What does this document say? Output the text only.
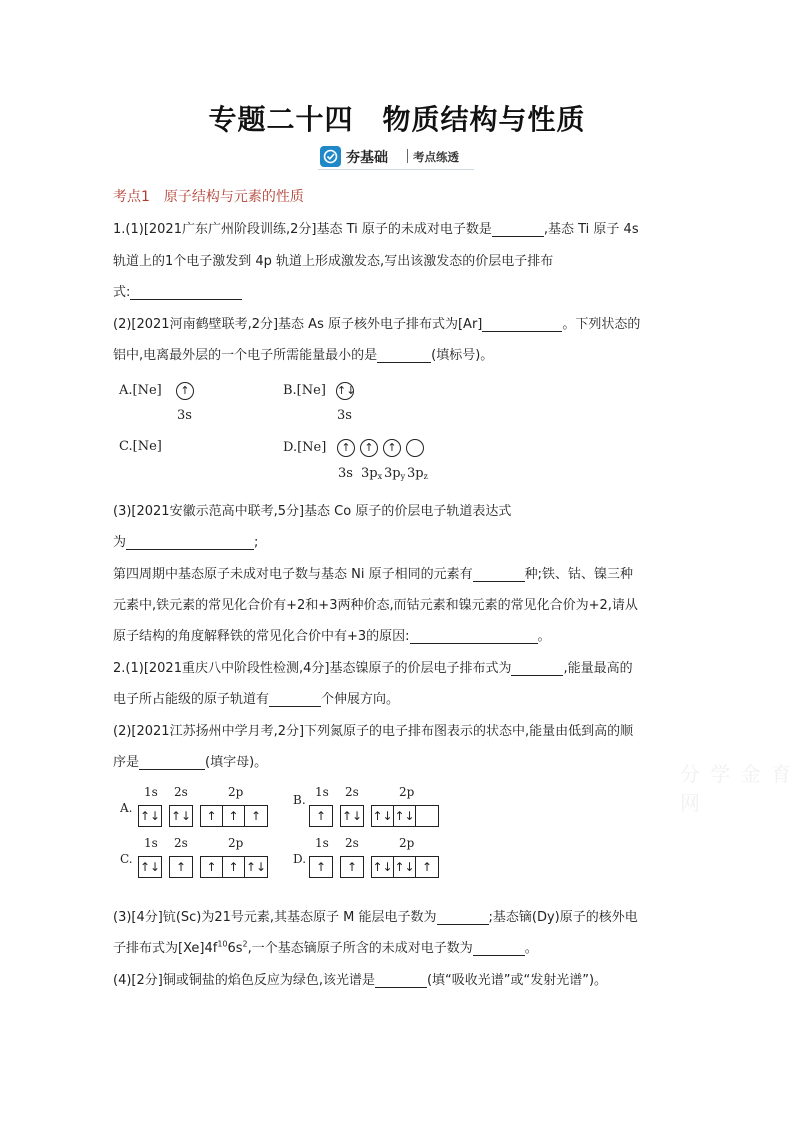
专题二十四　物质结构与性质
夯基础 考点练透
考点1　原子结构与元素的性质
1.(1)[2021广东广州阶段训练,2分]基态 Ti 原子的未成对电子数是	,基态 Ti 原子 4s
轨道上的1个电子激发到 4p 轨道上形成激发态,写出该激发态的价层电子排布
式:
(2)[2021河南鹤壁联考,2分]基态 As 原子核外电子排布式为[Ar]	。下列状态的
铝中,电离最外层的一个电子所需能量最小的是	(填标号)。
A.[Ne]	↑
3s
B.[Ne] ↑↓
3s
C.[Ne]	D.[Ne]	↑	↑	↑
3s $3p_x$ $3p_y$ $3p_z$
(3)[2021安徽示范高中联考,5分]基态 Co 原子的价层电子轨道表达式
为	;
第四周期中基态原子未成对电子数与基态 Ni 原子相同的元素有	种;铁、钴、镍三种
元素中,铁元素的常见化合价有+2和+3两种价态,而钴元素和镍元素的常见化合价为+2,请从
原子结构的角度解释铁的常见化合价中有+3的原因:	。
2.(1)[2021重庆八中阶段性检测,4分]基态镍原子的价层电子排布式为	,能量最高的
电子所占能级的原子轨道有	个伸展方向。
(2)[2021江苏扬州中学月考,2分]下列氮原子的电子排布图表示的状态中,能量由低到高的顺
序是	(填字母)。
A.
1s 2s	2p
↑↓ ↑↓	↑ ↑	↑
B.
1s 2s	2p
↑	↑↓ ↑↓ ↑↓
C.
1s 2s	2p
↑↓	↑	↑ ↑ ↑↓
D.
1s 2s	2p
↑	↑	↑↓ ↑↓ ↑
(3)[4分]钪(Sc)为21号元素,其基态原子 M 能层电子数为	;基态镝(Dy)原子的核外电
子排布式为$[Xe]4f^{10}6s^2$,一个基态镝原子所含的未成对电子数为	。
(4)[2分]铜或铜盐的焰色反应为绿色,该光谱是	(填“吸收光谱”或“发射光谱”)。
分 学 金 育 网
